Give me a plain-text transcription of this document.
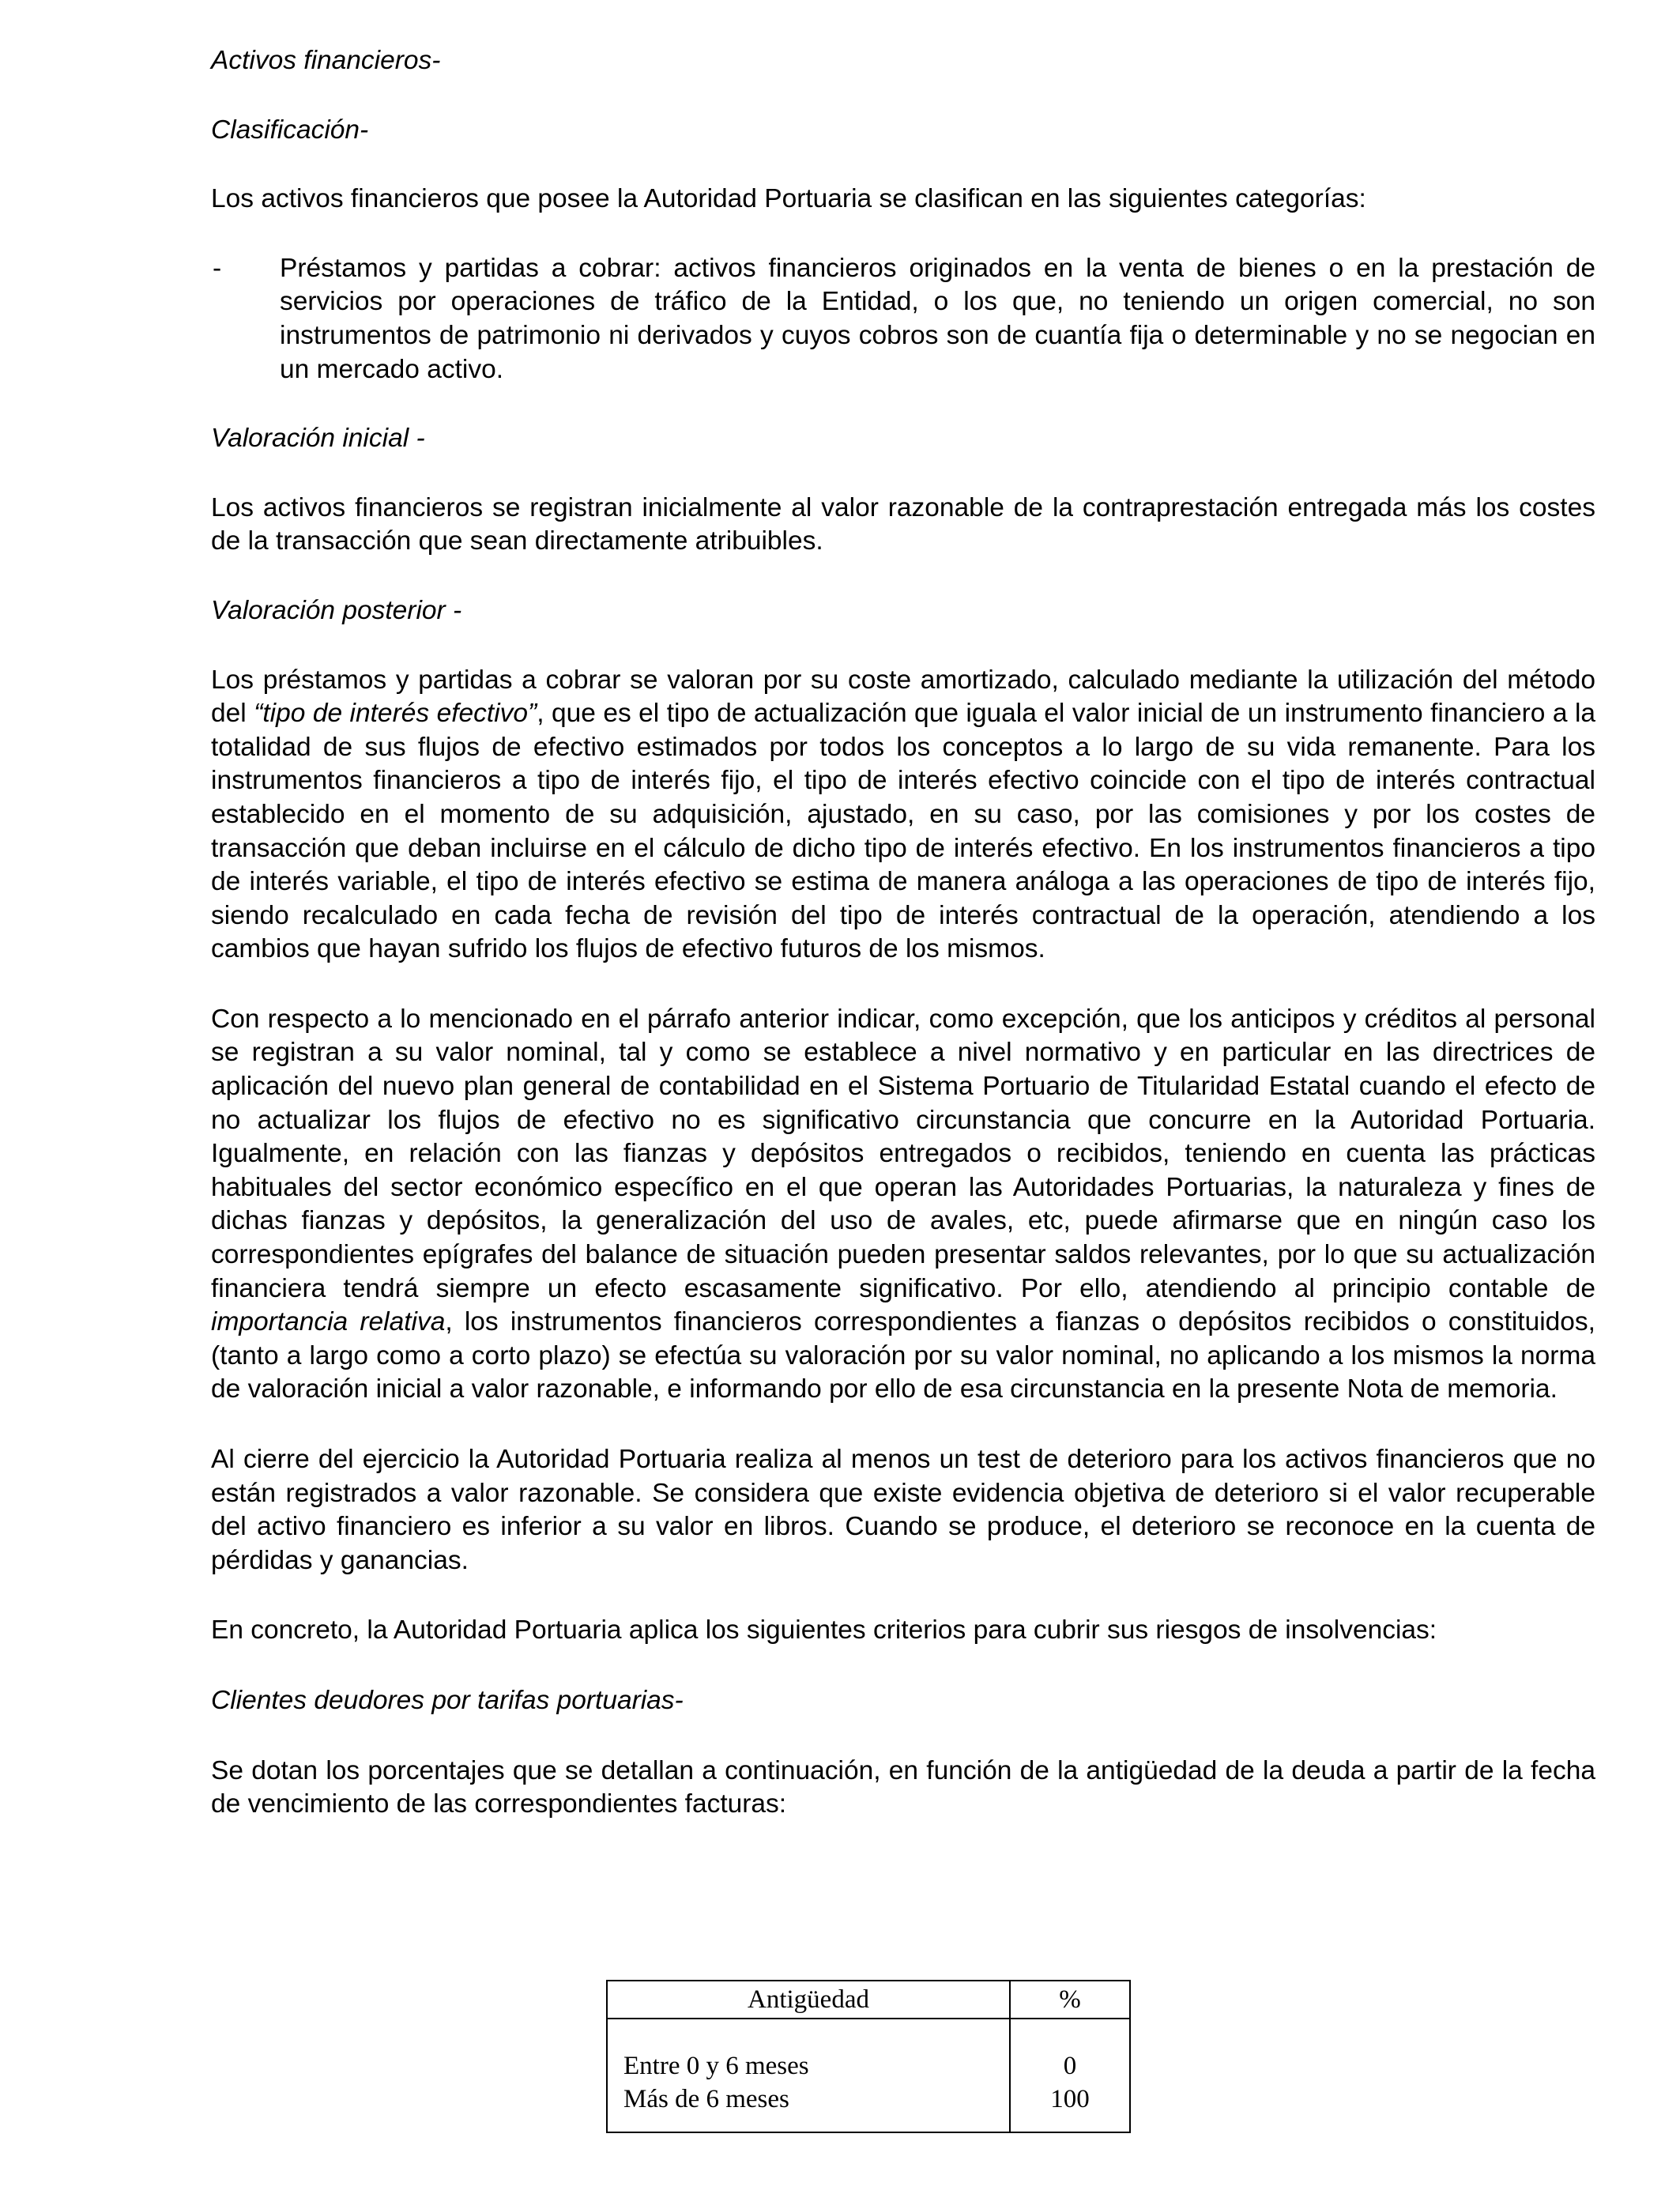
Activos financieros-

Clasificación-

Los activos financieros que posee la Autoridad Portuaria se clasifican en las siguientes categorías:

- Préstamos y partidas a cobrar: activos financieros originados en la venta de bienes o en la prestación de servicios por operaciones de tráfico de la Entidad, o los que, no teniendo un origen comercial, no son instrumentos de patrimonio ni derivados y cuyos cobros son de cuantía fija o determinable y no se negocian en un mercado activo.

Valoración inicial -

Los activos financieros se registran inicialmente al valor razonable de la contraprestación entregada más los costes de la transacción que sean directamente atribuibles.

Valoración posterior -

Los préstamos y partidas a cobrar se valoran por su coste amortizado, calculado mediante la utilización del método del “tipo de interés efectivo”, que es el tipo de actualización que iguala el valor inicial de un instrumento financiero a la totalidad de sus flujos de efectivo estimados por todos los conceptos a lo largo de su vida remanente. Para los instrumentos financieros a tipo de interés fijo, el tipo de interés efectivo coincide con el tipo de interés contractual establecido en el momento de su adquisición, ajustado, en su caso, por las comisiones y por los costes de transacción que deban incluirse en el cálculo de dicho tipo de interés efectivo. En los instrumentos financieros a tipo de interés variable, el tipo de interés efectivo se estima de manera análoga a las operaciones de tipo de interés fijo, siendo recalculado en cada fecha de revisión del tipo de interés contractual de la operación, atendiendo a los cambios que hayan sufrido los flujos de efectivo futuros de los mismos.

Con respecto a lo mencionado en el párrafo anterior indicar, como excepción, que los anticipos y créditos al personal se registran a su valor nominal, tal y como se establece a nivel normativo y en particular en las directrices de aplicación del nuevo plan general de contabilidad en el Sistema Portuario de Titularidad Estatal cuando el efecto de no actualizar los flujos de efectivo no es significativo circunstancia que concurre en la Autoridad Portuaria. Igualmente, en relación con las fianzas y depósitos entregados o recibidos, teniendo en cuenta las prácticas habituales del sector económico específico en el que operan las Autoridades Portuarias, la naturaleza y fines de dichas fianzas y depósitos, la generalización del uso de avales, etc, puede afirmarse que en ningún caso los correspondientes epígrafes del balance de situación pueden presentar saldos relevantes, por lo que su actualización financiera tendrá siempre un efecto escasamente significativo. Por ello, atendiendo al principio contable de importancia relativa, los instrumentos financieros correspondientes a fianzas o depósitos recibidos o constituidos, (tanto a largo como a corto plazo) se efectúa su valoración por su valor nominal, no aplicando a los mismos la norma de valoración inicial a valor razonable, e informando por ello de esa circunstancia en la presente Nota de memoria.

Al cierre del ejercicio la Autoridad Portuaria realiza al menos un test de deterioro para los activos financieros que no están registrados a valor razonable. Se considera que existe evidencia objetiva de deterioro si el valor recuperable del activo financiero es inferior a su valor en libros. Cuando se produce, el deterioro se reconoce en la cuenta de pérdidas y ganancias.

En concreto, la Autoridad Portuaria aplica los siguientes criterios para cubrir sus riesgos de insolvencias:

Clientes deudores por tarifas portuarias-

Se dotan los porcentajes que se detallan a continuación, en función de la antigüedad de la deuda a partir de la fecha de vencimiento de las correspondientes facturas:

Antigüedad	%

Entre 0 y 6 meses	0
Más de 6 meses	100
